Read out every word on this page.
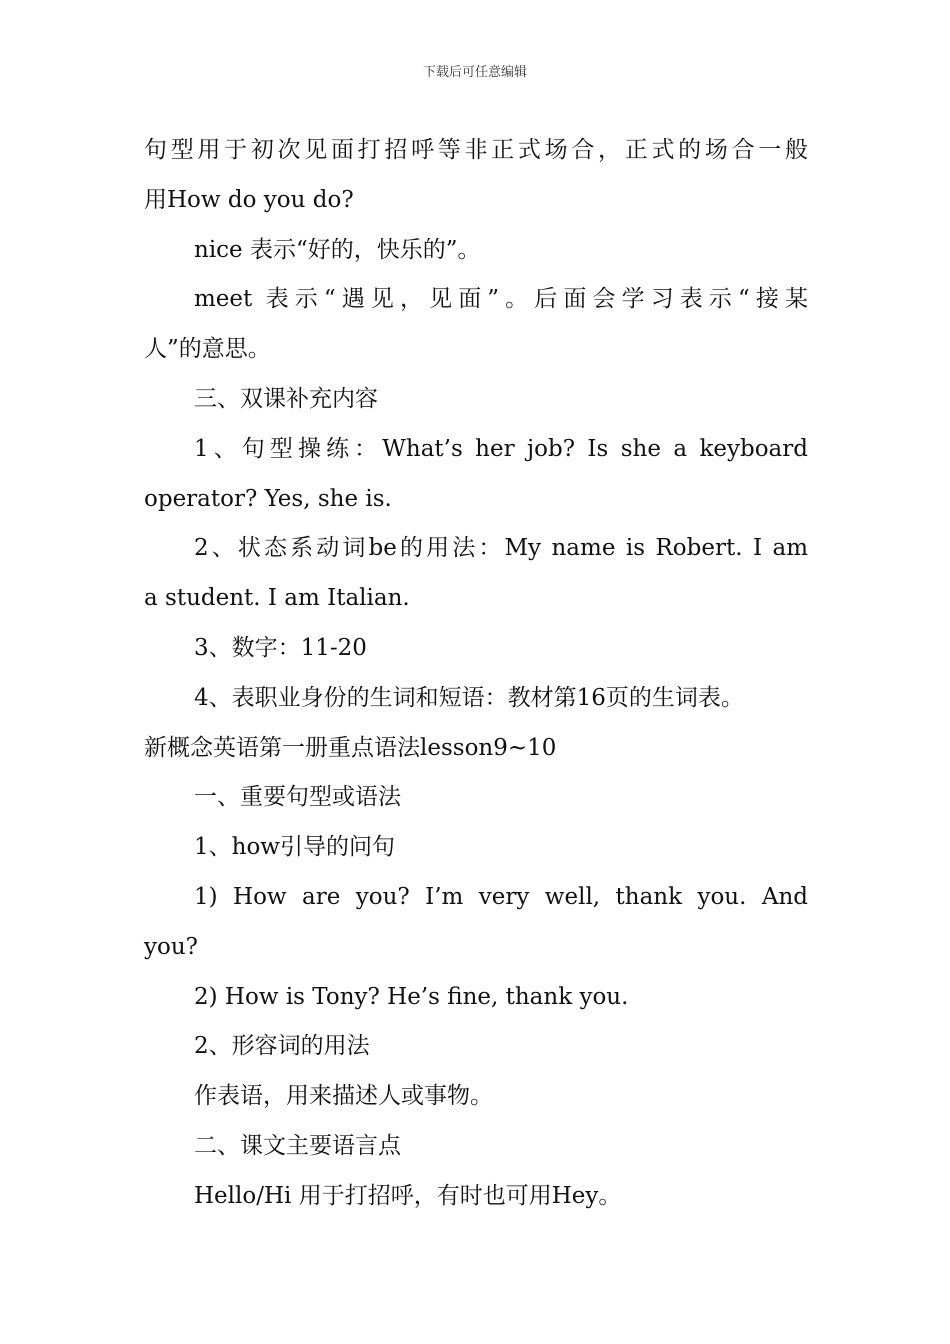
下载后可任意编辑
句型用于初次见面打招呼等非正式场合，正式的场合一般
用How do you do?
nice 表示“好的，快乐的”。
meet 表示“遇见，见面”。后面会学习表示“接某
人”的意思。
三、双课补充内容
1、句型操练：What’s her job? Is she a keyboard
operator? Yes, she is.
2、状态系动词be的用法：My name is Robert. I am
a student. I am Italian.
3、数字：11-20
4、表职业身份的生词和短语：教材第16页的生词表。
新概念英语第一册重点语法lesson9~10
一、重要句型或语法
1、how引导的问句
1) How are you? I’m very well, thank you. And
you?
2) How is Tony? He’s fine, thank you.
2、形容词的用法
作表语，用来描述人或事物。
二、课文主要语言点
Hello/Hi 用于打招呼，有时也可用Hey。
